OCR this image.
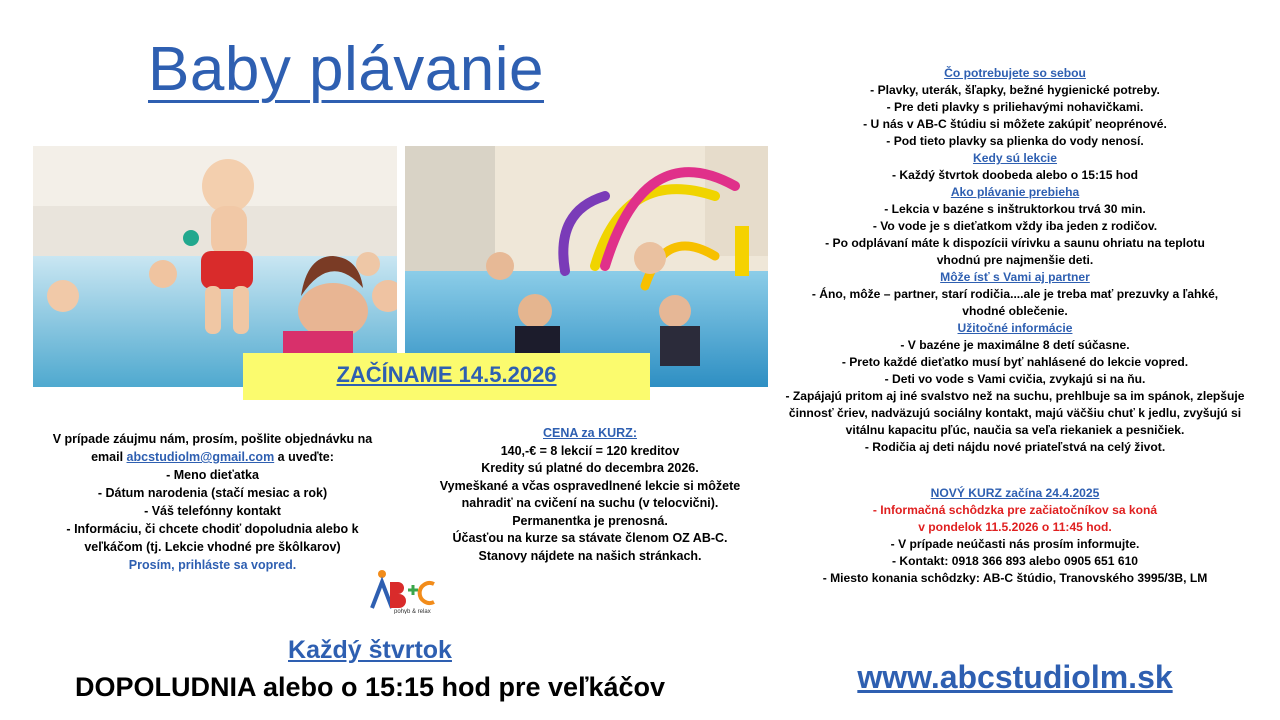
Baby plávanie
ZAČÍNAME 14.5.2026

V prípade záujmu nám, prosím, pošlite objednávku na

email abcstudiolm@gmail.com a uveďte:

- Meno dieťatka

- Dátum narodenia (stačí mesiac a rok)

- Váš telefónny kontakt

- Informáciu, či chcete chodiť dopoludnia alebo k

veľkáčom (tj. Lekcie vhodné pre škôlkarov)

Prosím, prihláste sa vopred.

CENA za KURZ:

140,-€ = 8 lekcií = 120 kreditov

Kredity sú platné do decembra 2026.

Vymeškané a včas ospravedlnené lekcie si môžete

nahradiť na cvičení na suchu (v telocvični).

Permanentka je prenosná.

Účasťou na kurze sa stávate členom OZ AB-C.

Stanovy nájdete na našich stránkach.

Čo potrebujete so sebou

- Plavky, uterák, šľapky, bežné hygienické potreby.

- Pre deti plavky s priliehavými nohavičkami.

- U nás v AB-C štúdiu si môžete zakúpiť neoprénové.

- Pod tieto plavky sa plienka do vody nenosí.

Kedy sú lekcie

- Každý štvrtok doobeda alebo o 15:15 hod

Ako plávanie prebieha

- Lekcia v bazéne s inštruktorkou trvá 30 min.

- Vo vode je s dieťatkom vždy iba jeden z rodičov.

- Po odplávaní máte k dispozícii vírivku a saunu ohriatu na teplotu

vhodnú pre najmenšie deti.

Môže ísť s Vami aj partner

- Áno, môže – partner, starí rodičia....ale je treba mať prezuvky a ľahké,

vhodné oblečenie.

Užitočné informácie

- V bazéne je maximálne 8 detí súčasne.

- Preto každé dieťatko musí byť nahlásené do lekcie vopred.

- Deti vo vode s Vami cvičia, zvykajú si na ňu.

- Zapájajú pritom aj iné svalstvo než na suchu, prehlbuje sa im spánok, zlepšuje

činnosť čriev, nadväzujú sociálny kontakt, majú väčšiu chuť k jedlu, zvyšujú si

vitálnu kapacitu pľúc, naučia sa veľa riekaniek a pesničiek.

- Rodičia aj deti nájdu nové priateľstvá na celý život.

NOVÝ KURZ začína 24.4.2025

- Informačná schôdzka pre začiatočníkov sa koná

v pondelok 11.5.2026 o 11:45 hod.

- V prípade neúčasti nás prosím informujte.

- Kontakt: 0918 366 893 alebo 0905 651 610

- Miesto konania schôdzky: AB-C štúdio, Tranovského 3995/3B, LM

pohyb & relax
Každý štvrtok
DOPOLUDNIA alebo o 15:15 hod pre veľkáčov	www.abcstudiolm.sk
